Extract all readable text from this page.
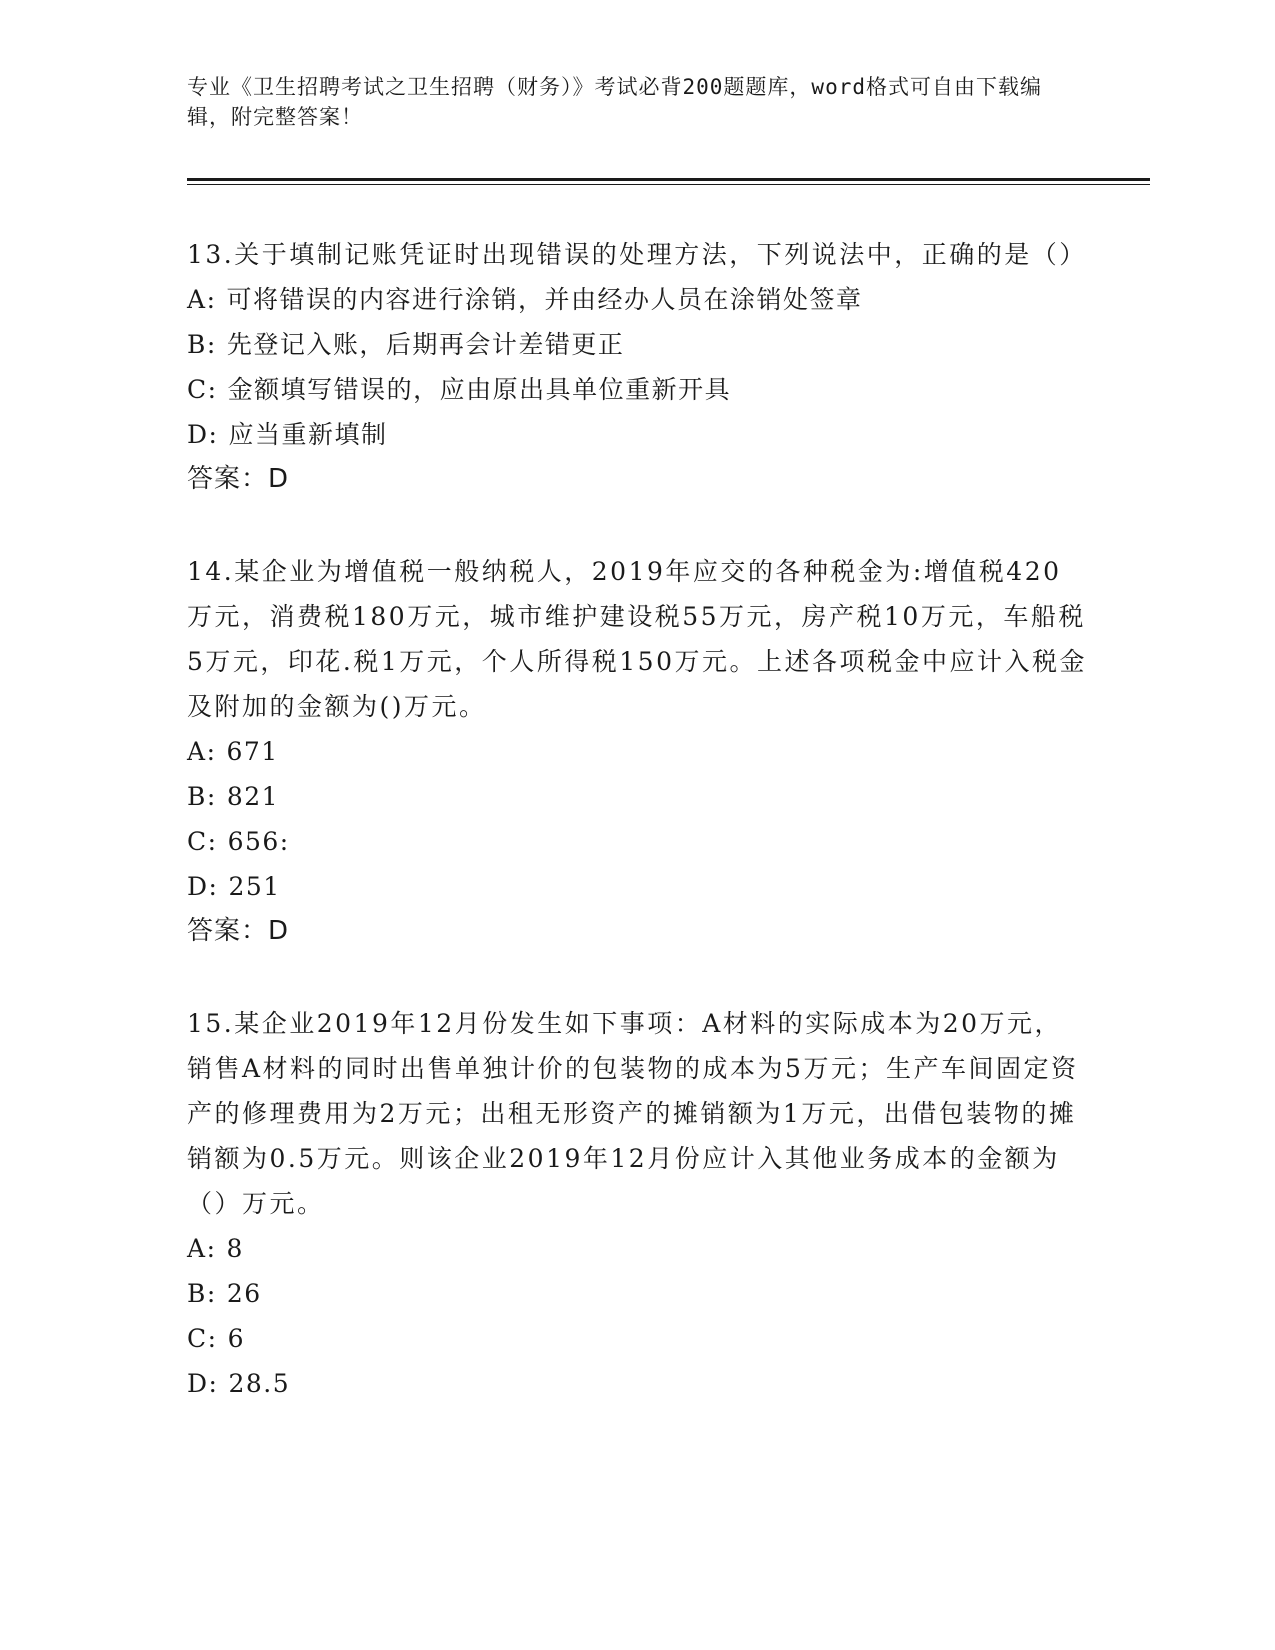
专业《卫生招聘考试之卫生招聘（财务）》考试必背200题题库，word格式可自由下载编辑，附完整答案！
13.关于填制记账凭证时出现错误的处理方法，下列说法中，正确的是（）
A: 可将错误的内容进行涂销，并由经办人员在涂销处签章
B: 先登记入账，后期再会计差错更正
C: 金额填写错误的，应由原出具单位重新开具
D: 应当重新填制
答案：D
14.某企业为增值税一般纳税人，2019年应交的各种税金为:增值税420万元，消费税180万元，城市维护建设税55万元，房产税10万元，车船税5万元，印花.税1万元，个人所得税150万元。上述各项税金中应计入税金及附加的金额为()万元。
A: 671
B: 821
C: 656:
D: 251
答案：D
15.某企业2019年12月份发生如下事项：A材料的实际成本为20万元，销售A材料的同时出售单独计价的包装物的成本为5万元；生产车间固定资产的修理费用为2万元；出租无形资产的摊销额为1万元，出借包装物的摊销额为0.5万元。则该企业2019年12月份应计入其他业务成本的金额为（）万元。
A: 8
B: 26
C: 6
D: 28.5
